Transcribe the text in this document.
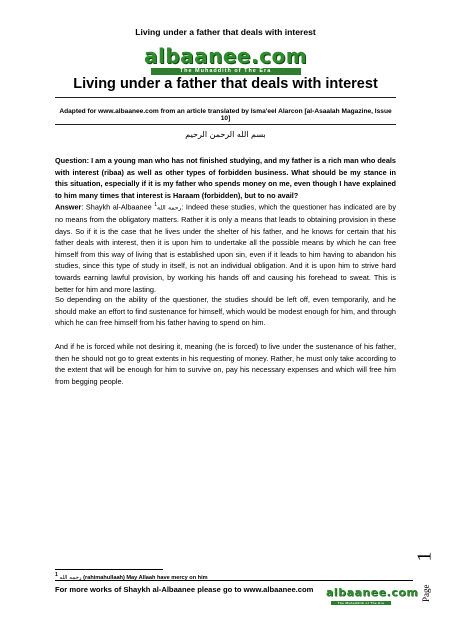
Living under a father that deals with interest
albaanee.com
The Muhaddith of The Era
Living under a father that deals with interest
Adapted for www.albaanee.com from an article translated by Isma'eel Alarcon [al-Asaalah Magazine, Issue 10]
بسم الله الرحمن الرحيم
Question: I am a young man who has not finished studying, and my father is a rich man who deals with interest (ribaa) as well as other types of forbidden business. What should be my stance in this situation, especially if it is my father who spends money on me, even though I have explained to him many times that interest is Haraam (forbidden), but to no avail?
Answer: Shaykh al-Albaanee رحمه الله$^1$	: Indeed these studies, which the questioner has indicated are by no means from the obligatory matters. Rather it is only a means that leads to obtaining provision in these days. So if it is the case that he lives under the shelter of his father, and he knows for certain that his father deals with interest, then it is upon him to undertake all the possible means by which he can free himself from this way of living that is established upon sin, even if it leads to him having to abandon his studies, since this type of study in itself, is not an individual obligation. And it is upon him to strive hard towards earning lawful provision, by working his hands off and causing his forehead to sweat. This is better for him and more lasting.
So depending on the ability of the questioner, the studies should be left off, even temporarily, and he should make an effort to find sustenance for himself, which would be modest enough for him, and through which he can free himself from his father having to spend on him.
And if he is forced while not desiring it, meaning (he is forced) to live under the sustenance of his father, then he should not go to great extents in his requesting of money. Rather, he must only take according to the extent that will be enough for him to survive on, pay his necessary expenses and which will free him from begging people.
Page
1
$^1$ رحمه الله (rahimahullaah) May Allaah have mercy on him
For more works of Shaykh al-Albaanee please go to www.albaanee.com albaanee.com
The Muhaddith of The Era
